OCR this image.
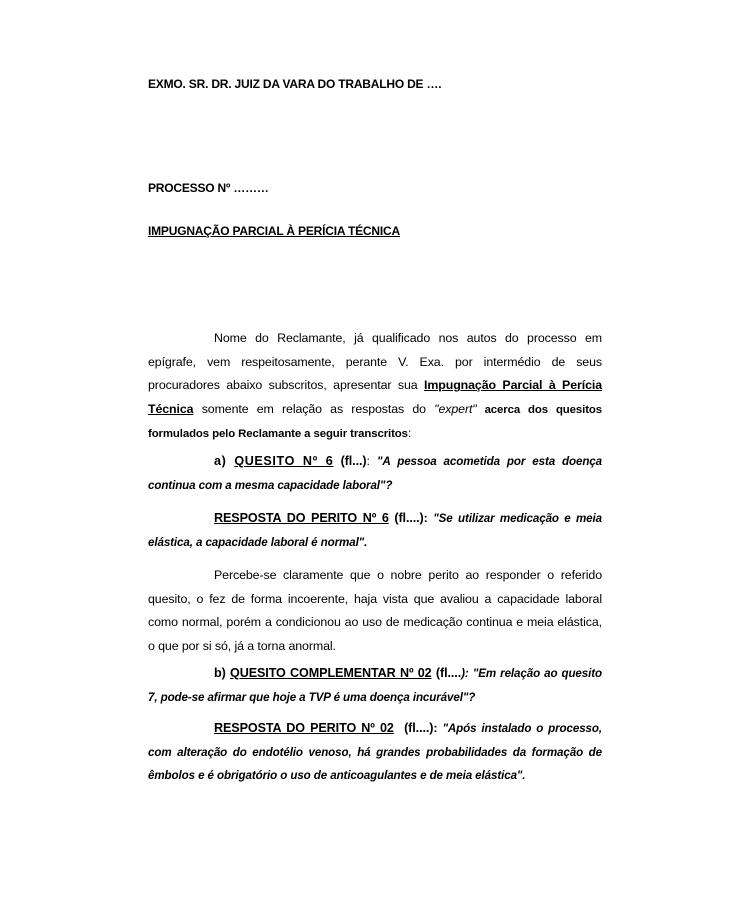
EXMO. SR. DR. JUIZ DA VARA DO TRABALHO DE ….
PROCESSO Nº ………
IMPUGNAÇÃO PARCIAL À PERÍCIA TÉCNICA
Nome do Reclamante, já qualificado nos autos do processo em epígrafe, vem respeitosamente, perante V. Exa. por intermédio de seus procuradores abaixo subscritos, apresentar sua Impugnação Parcial à Perícia Técnica somente em relação as respostas do "expert" acerca dos quesitos formulados pelo Reclamante a seguir transcritos:
a) QUESITO Nº 6 (fl...): "A pessoa acometida por esta doença continua com a mesma capacidade laboral"?
RESPOSTA DO PERITO Nº 6 (fl....): "Se utilizar medicação e meia elástica, a capacidade laboral é normal".
Percebe-se claramente que o nobre perito ao responder o referido quesito, o fez de forma incoerente, haja vista que avaliou a capacidade laboral como normal, porém a condicionou ao uso de medicação continua e meia elástica, o que por si só, já a torna anormal.
b) QUESITO COMPLEMENTAR Nº 02 (fl....): "Em relação ao quesito 7, pode-se afirmar que hoje a TVP é uma doença incurável"?
RESPOSTA DO PERITO Nº 02  (fl....): "Após instalado o processo, com alteração do endotélio venoso, há grandes probabilidades da formação de êmbolos e é obrigatório o uso de anticoagulantes e de meia elástica".
